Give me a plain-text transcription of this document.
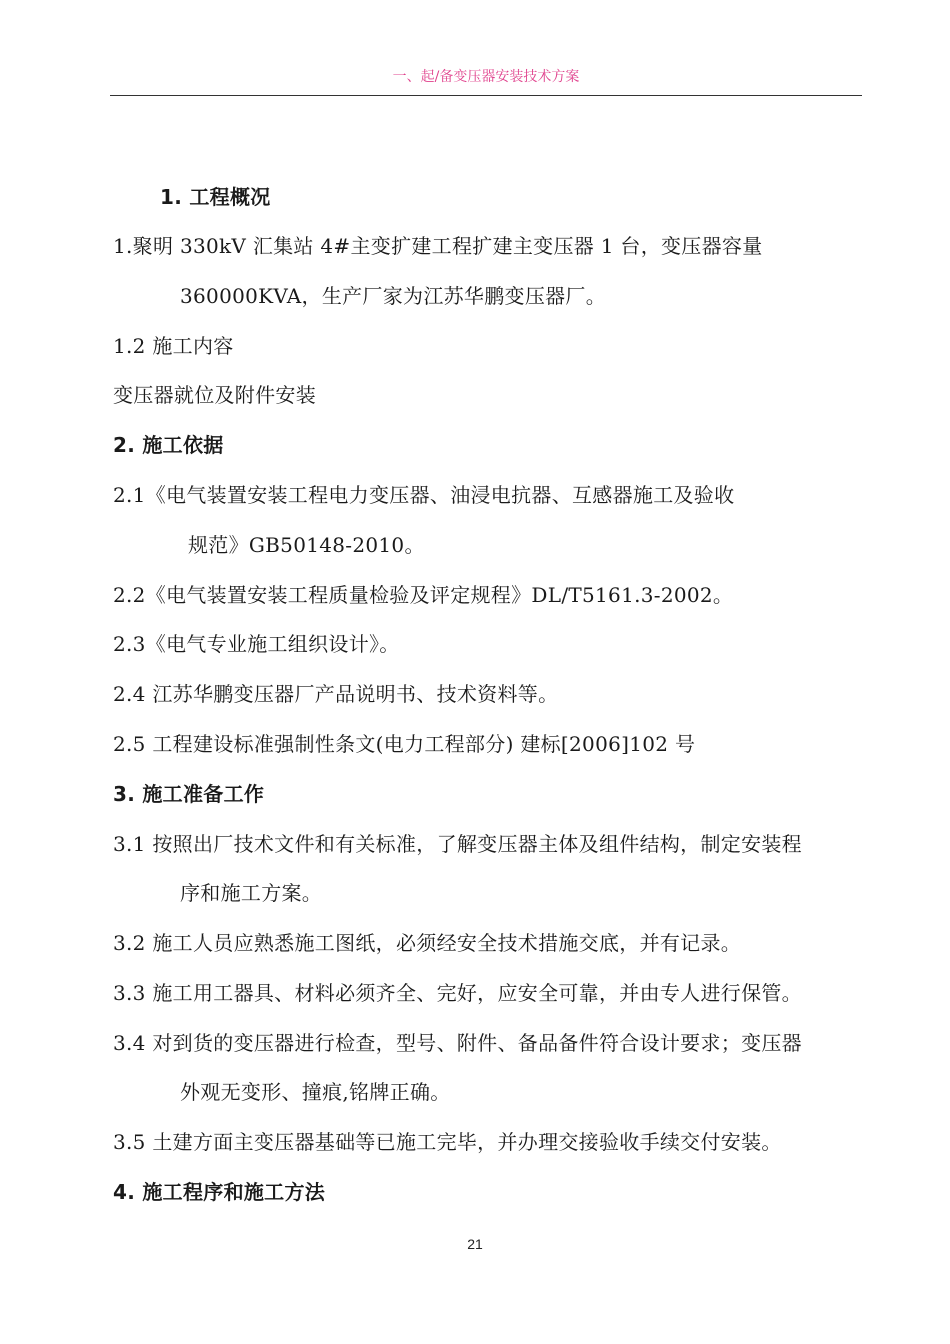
一、起/备变压器安装技术方案
1. 工程概况
1.聚明 330kV 汇集站 4#主变扩建工程扩建主变压器 1 台，变压器容量
360000KVA，生产厂家为江苏华鹏变压器厂。
1.2 施工内容
变压器就位及附件安装
2. 施工依据
2.1《电气装置安装工程电力变压器、油浸电抗器、互感器施工及验收
规范》GB50148-2010。
2.2《电气装置安装工程质量检验及评定规程》DL/T5161.3-2002。
2.3《电气专业施工组织设计》。
2.4 江苏华鹏变压器厂产品说明书、技术资料等。
2.5 工程建设标准强制性条文(电力工程部分) 建标[2006]102 号
3. 施工准备工作
3.1 按照出厂技术文件和有关标准，了解变压器主体及组件结构，制定安装程
序和施工方案。
3.2 施工人员应熟悉施工图纸，必须经安全技术措施交底，并有记录。
3.3 施工用工器具、材料必须齐全、完好，应安全可靠，并由专人进行保管。
3.4 对到货的变压器进行检查，型号、附件、备品备件符合设计要求；变压器
外观无变形、撞痕,铭牌正确。
3.5 土建方面主变压器基础等已施工完毕，并办理交接验收手续交付安装。
4. 施工程序和施工方法
21
